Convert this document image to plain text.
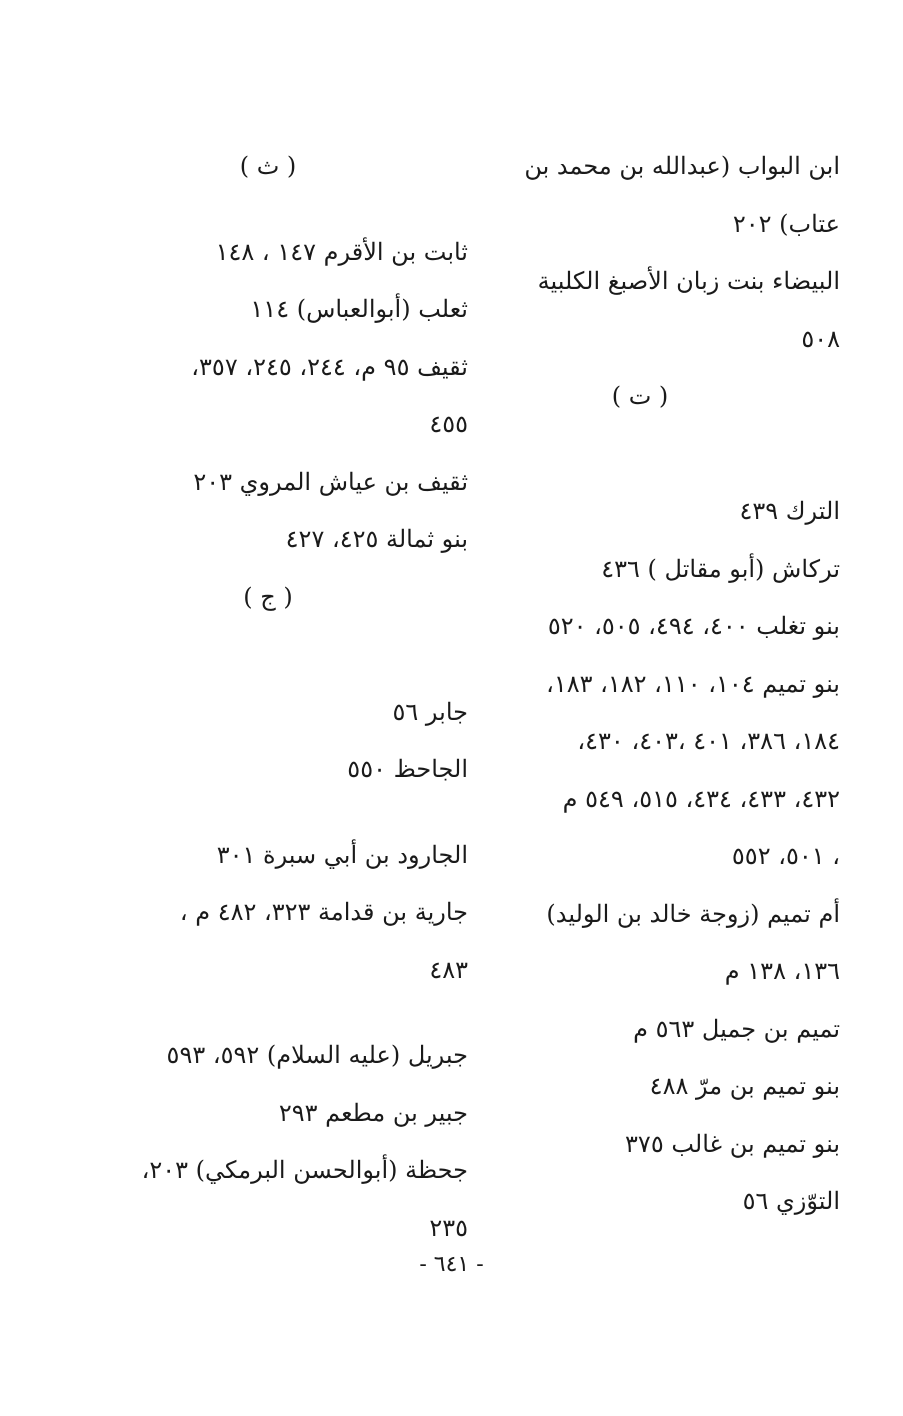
ابن البواب (عبدالله بن محمد بن
عتاب) ٢٠٢
البيضاء بنت زبان الأصبغ الكلبية
٥٠٨
( ت )
الترك ٤٣٩
تركاش (أبو مقاتل ) ٤٣٦
بنو تغلب ٤٠٠، ٤٩٤، ٥٠٥، ٥٢٠
بنو تميم ١٠٤، ١١٠، ١٨٢، ١٨٣،
١٨٤، ٣٨٦، ٤٠١ ،٤٠٣، ٤٣٠،
٤٣٢، ٤٣٣، ٤٣٤، ٥١٥، ٥٤٩ م
، ٥٠١، ٥٥٢
أم تميم (زوجة خالد بن الوليد)
١٣٦، ١٣٨ م
تميم بن جميل ٥٦٣ م
بنو تميم بن مرّ ٤٨٨
بنو تميم بن غالب ٣٧٥
التوّزي ٥٦
( ث )
ثابت بن الأقرم ١٤٧ ، ١٤٨
ثعلب (أبوالعباس) ١١٤
ثقيف ٩٥ م، ٢٤٤، ٢٤٥، ٣٥٧،
٤٥٥
ثقيف بن عياش المروي ٢٠٣
بنو ثمالة ٤٢٥، ٤٢٧
( ج )
جابر ٥٦
الجاحظ ٥٥٠
الجارود بن أبي سبرة ٣٠١
جارية بن قدامة ٣٢٣، ٤٨٢ م ،
٤٨٣
جبريل (عليه السلام) ٥٩٢، ٥٩٣
جبير بن مطعم ٢٩٣
جحظة (أبوالحسن البرمكي) ٢٠٣،
٢٣٥
- ٦٤١ -
